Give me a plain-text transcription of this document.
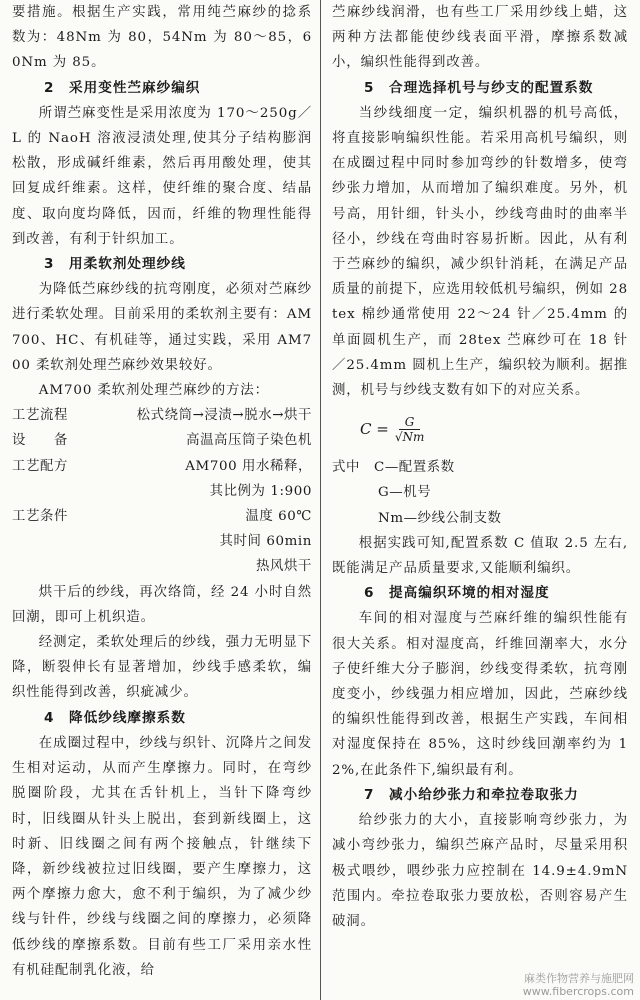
要措施。根据生产实践，常用纯苎麻纱的捻系数为：48Nm 为 80，54Nm 为 80～85，60Nm 为 85。

2　采用变性苎麻纱编织

所谓苎麻变性是采用浓度为 170～250g／L 的 NaoH 溶液浸渍处理,使其分子结构膨润松散，形成碱纤维素，然后再用酸处理，使其回复成纤维素。这样，使纤维的聚合度、结晶度、取向度均降低，因而，纤维的物理性能得到改善，有利于针织加工。

3　用柔软剂处理纱线

为降低苎麻纱线的抗弯刚度，必须对苎麻纱进行柔软处理。目前采用的柔软剂主要有：AM700、HC、有机硅等，通过实践，采用 AM700 柔软剂处理苎麻纱效果较好。

AM700 柔软剂处理苎麻纱的方法：

工艺流程	松式绕筒→浸渍→脱水→烘干
设　　备	高温高压筒子染色机
工艺配方	AM700 用水稀释，

其比例为 1:900

工艺条件	温度 60℃

其时间 60min

热风烘干

烘干后的纱线，再次络筒，经 24 小时自然回潮，即可上机织造。

经测定，柔软处理后的纱线，强力无明显下降，断裂伸长有显著增加，纱线手感柔软，编织性能得到改善，织疵减少。

4　降低纱线摩擦系数

在成圈过程中，纱线与织针、沉降片之间发生相对运动，从而产生摩擦力。同时，在弯纱脱圈阶段，尤其在舌针机上，当针下降弯纱时，旧线圈从针头上脱出，套到新线圈上，这时新、旧线圈之间有两个接触点，针继续下降，新纱线被拉过旧线圈，要产生摩擦力，这两个摩擦力愈大，愈不利于编织，为了减少纱线与针件，纱线与线圈之间的摩擦力，必须降低纱线的摩擦系数。目前有些工厂采用亲水性有机硅配制乳化液，给

苎麻纱线润滑，也有些工厂采用纱线上蜡，这两种方法都能使纱线表面平滑，摩擦系数减小，编织性能得到改善。

5　合理选择机号与纱支的配置系数

当纱线细度一定，编织机器的机号高低，将直接影响编织性能。若采用高机号编织，则在成圈过程中同时参加弯纱的针数增多，使弯纱张力增加，从而增加了编织难度。另外，机号高，用针细，针头小，纱线弯曲时的曲率半径小，纱线在弯曲时容易折断。因此，从有利于苎麻纱的编织，减少织针消耗，在满足产品质量的前提下，应选用较低机号编织，例如 28tex 棉纱通常使用 22～24 针／25.4mm 的单面圆机生产，而 28tex 苎麻纱可在 18 针／25.4mm 圆机上生产，编织较为顺利。据推测，机号与纱线支数有如下的对应关系。

$C = \frac{G}{√Nm}$

式中　C—配置系数

G—机号

Nm—纱线公制支数

根据实践可知,配置系数 C 值取 2.5 左右,既能满足产品质量要求,又能顺利编织。

6　提高编织环境的相对湿度

车间的相对湿度与苎麻纤维的编织性能有很大关系。相对湿度高，纤维回潮率大，水分子使纤维大分子膨润，纱线变得柔软，抗弯刚度变小，纱线强力相应增加，因此，苎麻纱线的编织性能得到改善，根据生产实践，车间相对湿度保持在 85%，这时纱线回潮率约为 12%,在此条件下,编织最有利。

7　减小给纱张力和牵拉卷取张力

给纱张力的大小，直接影响弯纱张力，为减小弯纱张力，编织苎麻产品时，尽量采用积极式喂纱，喂纱张力应控制在 14.9±4.9mN 范围内。牵拉卷取张力要放松，否则容易产生破洞。

麻类作物营养与施肥网
www.fibercrops.com
